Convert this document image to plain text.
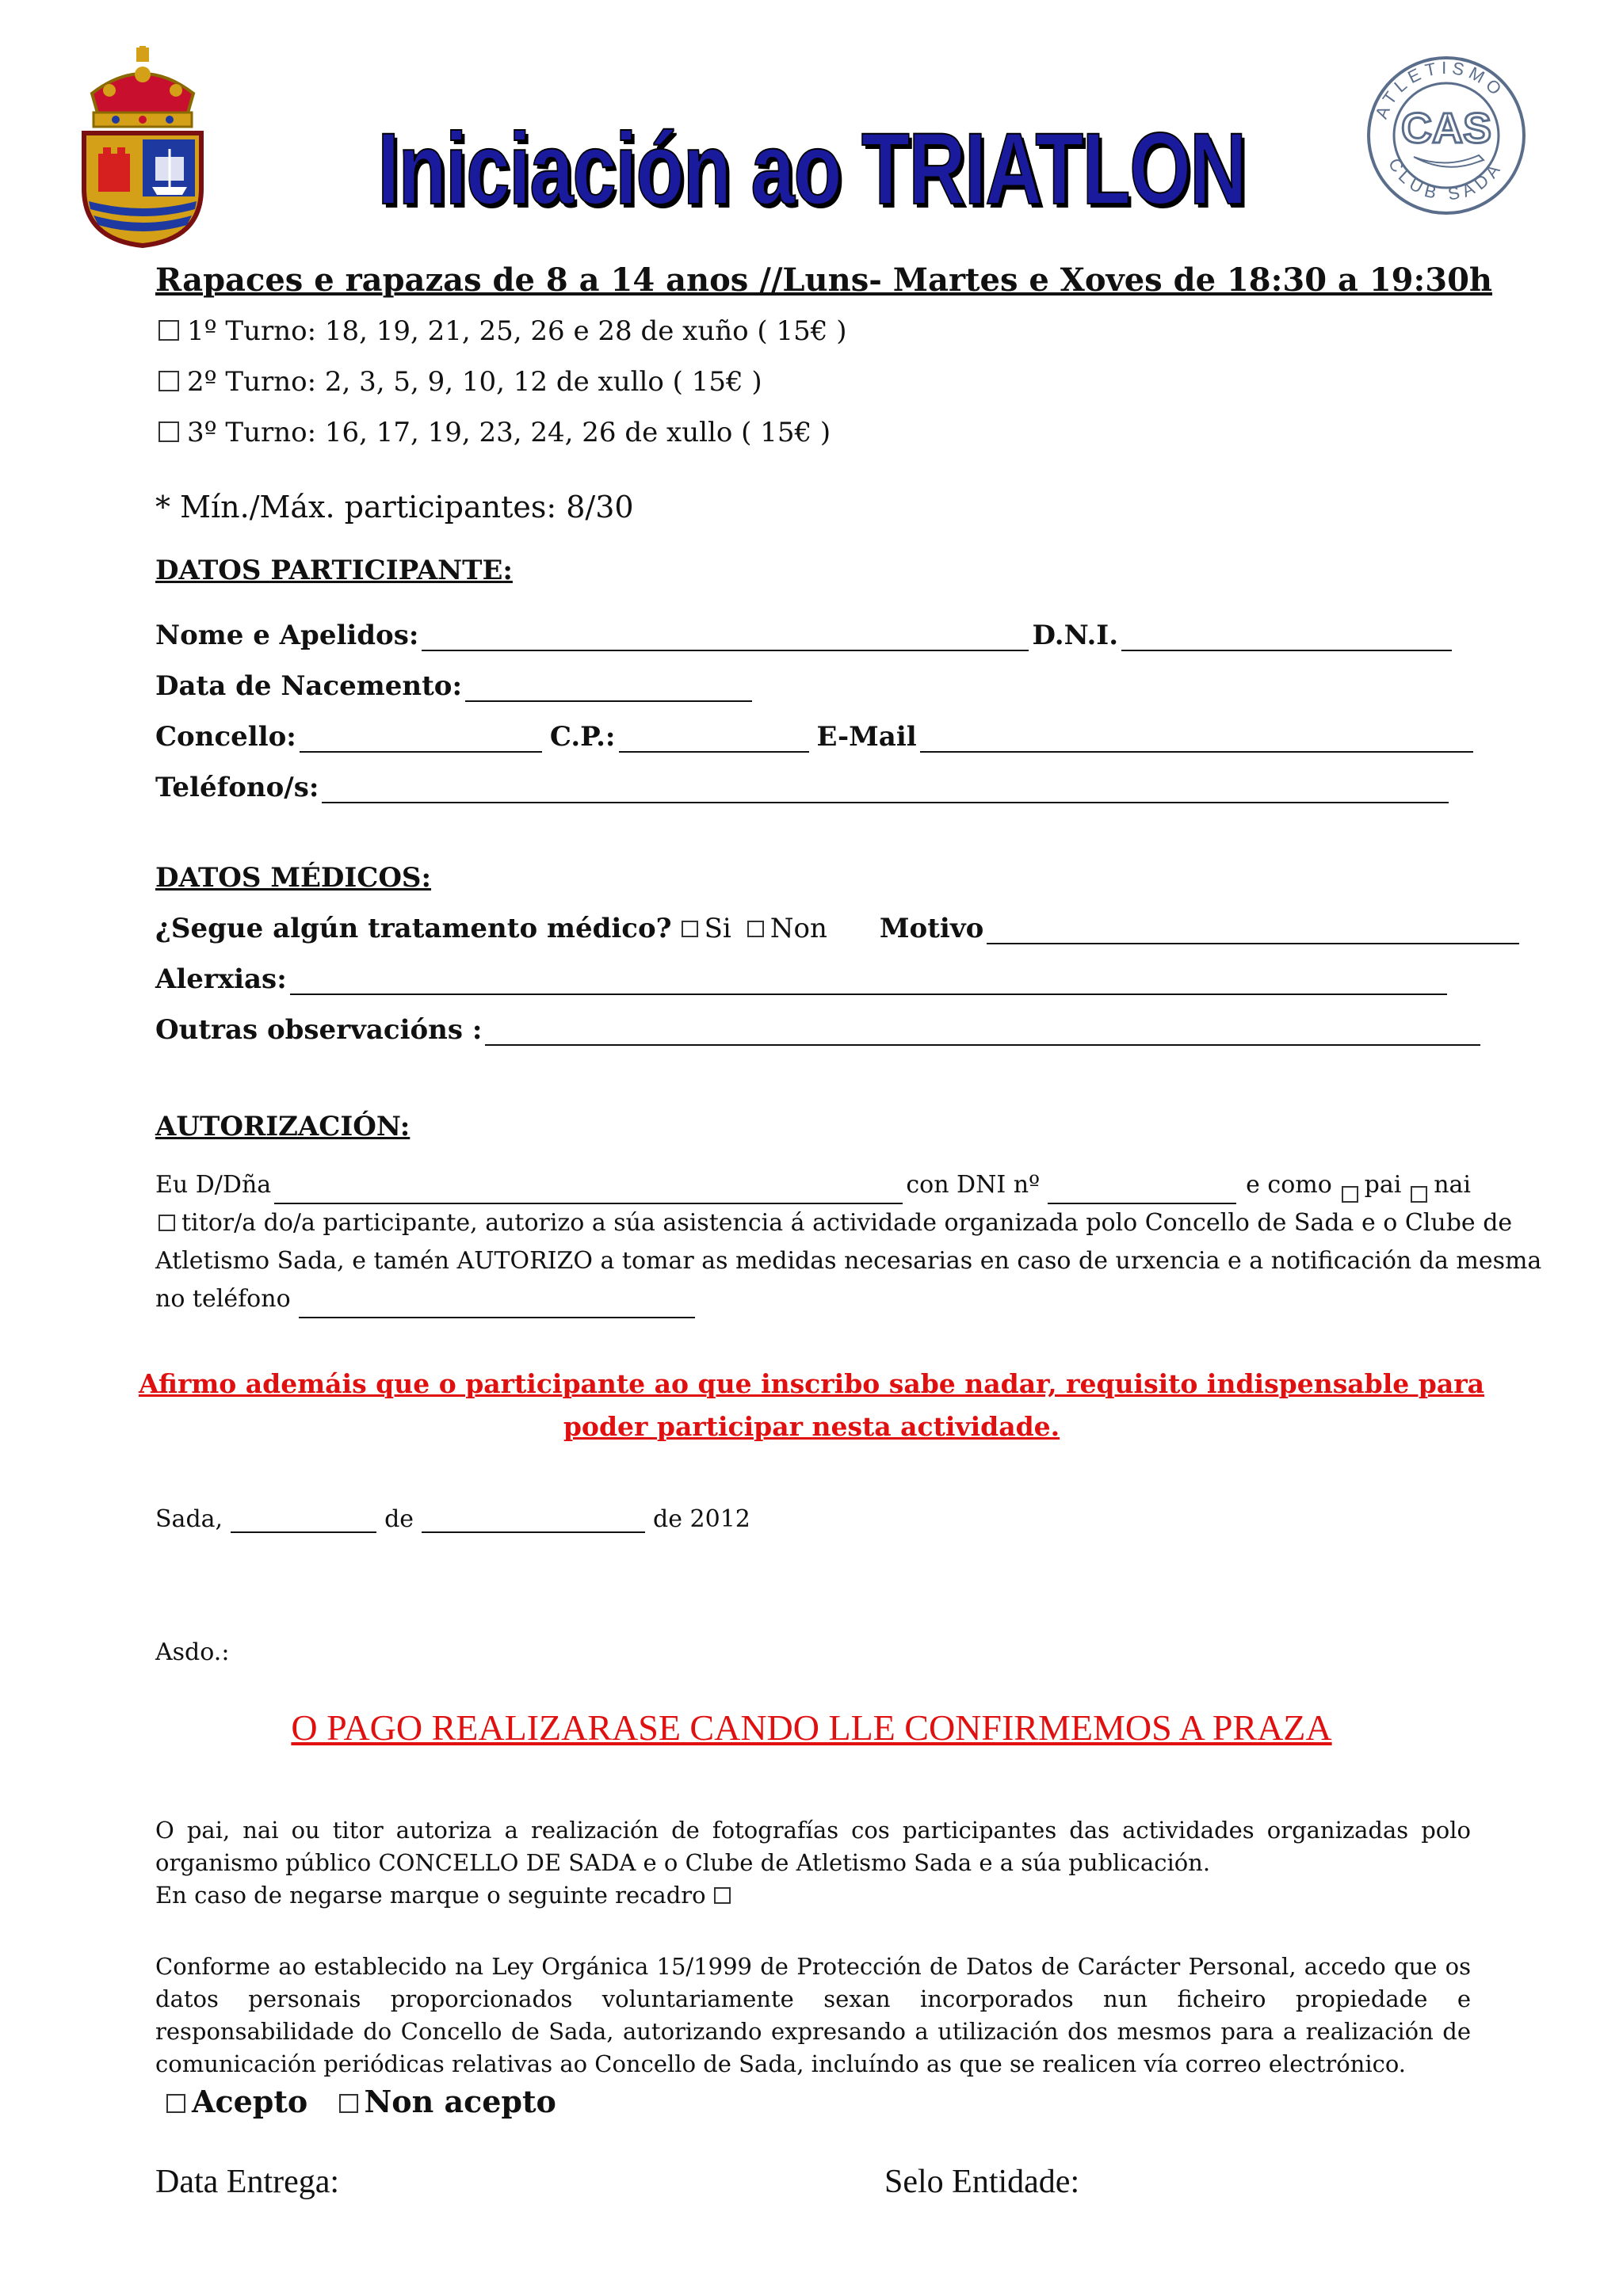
Iniciación ao TRIATLON
ATLETISMO
CLUB SADA
CAS
Rapaces e rapazas de 8 a 14 anos //Luns- Martes e Xoves de 18:30 a 19:30h
1º Turno: 18, 19, 21, 25, 26 e 28 de xuño ( 15€ )
2º Turno: 2, 3, 5, 9, 10, 12 de xullo ( 15€ )
3º Turno: 16, 17, 19, 23, 24, 26 de xullo ( 15€ )
* Mín./Máx. participantes: 8/30
DATOS PARTICIPANTE:
Nome e Apelidos:	D.N.I.
Data de Nacemento:
Concello:	C.P.:	E-Mail
Teléfono/s:
DATOS MÉDICOS:
¿Segue algún tratamento médico?	Si	Non Motivo
Alerxias:
Outras observacións :
AUTORIZACIÓN:
Eu D/Dña	con DNI nº	e como pai nai
titor/a do/a participante, autorizo a súa asistencia á actividade organizada polo Concello de Sada e o Clube de
Atletismo Sada, e tamén AUTORIZO a tomar as medidas necesarias en caso de urxencia e a notificación da mesma
no teléfono
Afirmo ademáis que o participante ao que inscribo sabe nadar, requisito indispensable para
poder participar nesta actividade.
Sada,	de	de 2012
Asdo.:
O PAGO REALIZARASE CANDO LLE CONFIRMEMOS A PRAZA
O pai, nai ou titor autoriza a realización de fotografías cos participantes das actividades organizadas polo organismo público CONCELLO DE SADA e o Clube de Atletismo Sada e a súa publicación.
En caso de negarse marque o seguinte recadro
Conforme ao establecido na Ley Orgánica 15/1999 de Protección de Datos de Carácter Personal, accedo que os datos personais proporcionados voluntariamente sexan incorporados nun ficheiro propiedade e responsabilidade do Concello de Sada, autorizando expresando a utilización dos mesmos para a realización de comunicación periódicas relativas ao Concello de Sada, incluíndo as que se realicen vía correo electrónico.
Acepto Non acepto
Data Entrega:	Selo Entidade:
